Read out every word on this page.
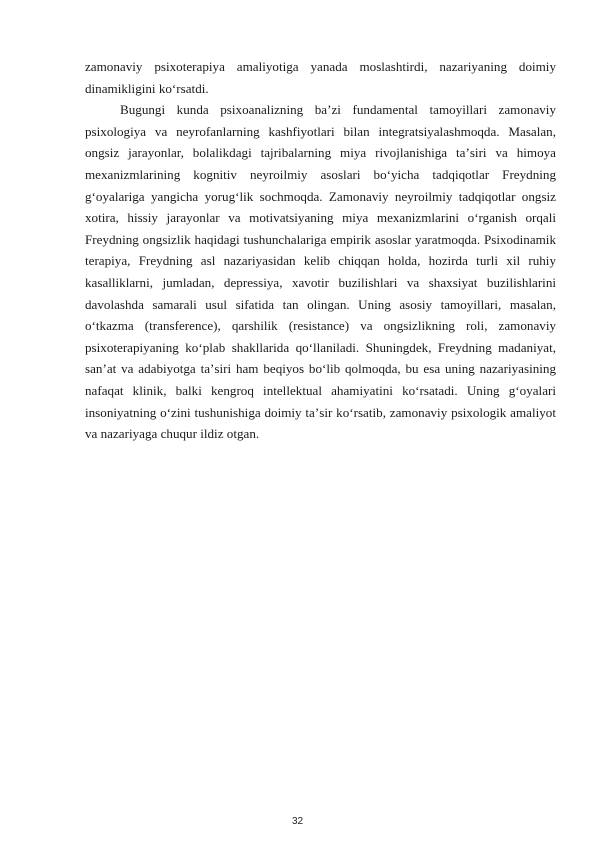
zamonaviy psixoterapiya amaliyotiga yanada moslashtirdi, nazariyaning doimiy dinamikligini koʻrsatdi.

Bugungi kunda psixoanalizning baʼzi fundamental tamoyillari zamonaviy psixologiya va neyrofanlarning kashfiyotlari bilan integratsiyalashmoqda. Masalan, ongsiz jarayonlar, bolalikdagi tajribalarning miya rivojlanishiga taʼsiri va himoya mexanizmlarining kognitiv neyroilmiy asoslari boʻyicha tadqiqotlar Freydning gʻoyalariga yangicha yorugʻlik sochmoqda. Zamonaviy neyroilmiy tadqiqotlar ongsiz xotira, hissiy jarayonlar va motivatsiyaning miya mexanizmlarini oʻrganish orqali Freydning ongsizlik haqidagi tushunchalariga empirik asoslar yaratmoqda. Psixodinamik terapiya, Freydning asl nazariyasidan kelib chiqqan holda, hozirda turli xil ruhiy kasalliklarni, jumladan, depressiya, xavotir buzilishlari va shaxsiyat buzilishlarini davolashda samarali usul sifatida tan olingan. Uning asosiy tamoyillari, masalan, oʻtkazma (transference), qarshilik (resistance) va ongsizlikning roli, zamonaviy psixoterapiyaning koʻplab shakllarida qoʻllaniladi. Shuningdek, Freydning madaniyat, sanʼat va adabiyotga taʼsiri ham beqiyos boʻlib qolmoqda, bu esa uning nazariyasining nafaqat klinik, balki kengroq intellektual ahamiyatini koʻrsatadi. Uning gʻoyalari insoniyatning oʻzini tushunishiga doimiy taʼsir koʻrsatib, zamonaviy psixologik amaliyot va nazariyaga chuqur ildiz otgan.

32
